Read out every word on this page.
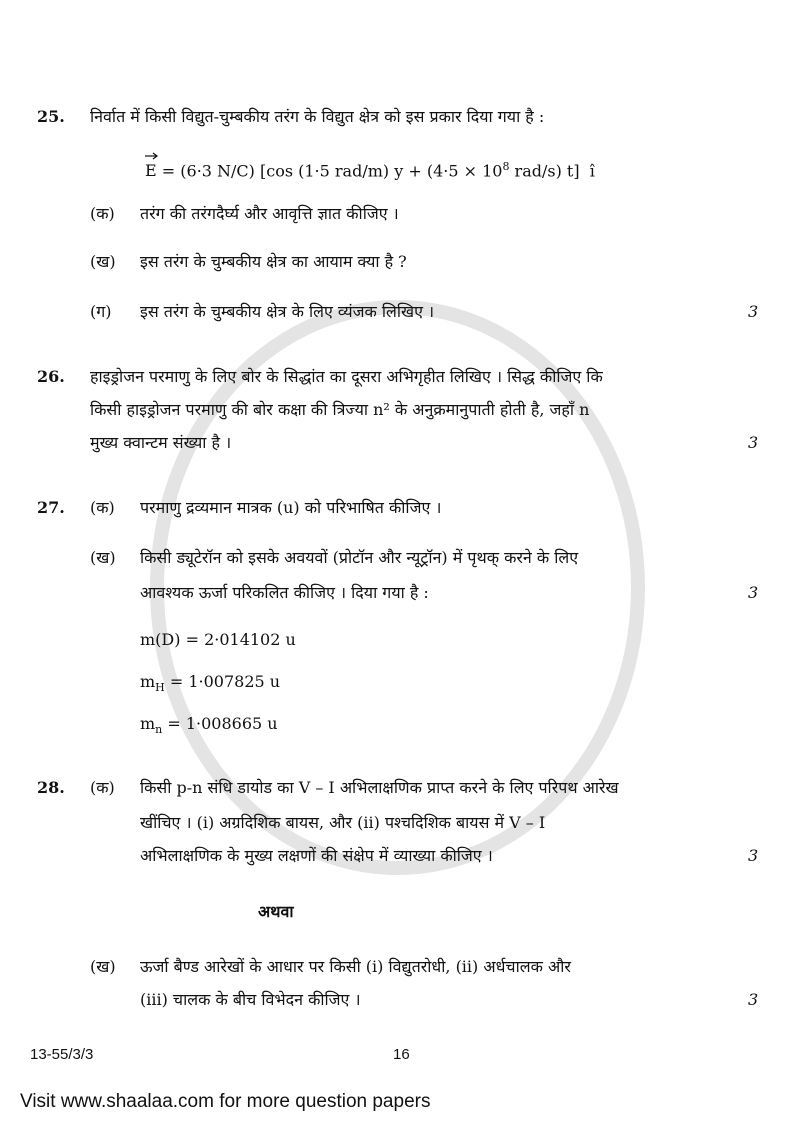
25. निर्वात में किसी विद्युत-चुम्बकीय तरंग के विद्युत क्षेत्र को इस प्रकार दिया गया है :
E = (6·3 N/C) [cos (1·5 rad/m) $y + (4\cdot 5 \times 10^8$ rad/s) t] î
(क) तरंग की तरंगदैर्घ्य और आवृत्ति ज्ञात कीजिए ।
(ख) इस तरंग के चुम्बकीय क्षेत्र का आयाम क्या है ?
(ग) इस तरंग के चुम्बकीय क्षेत्र के लिए व्यंजक लिखिए ।	3
26. हाइड्रोजन परमाणु के लिए बोर के सिद्धांत का दूसरा अभिगृहीत लिखिए । सिद्ध कीजिए कि
किसी हाइड्रोजन परमाणु की बोर कक्षा की त्रिज्या n² के अनुक्रमानुपाती होती है, जहाँ n
मुख्य क्वान्टम संख्या है ।	3
27. (क) परमाणु द्रव्यमान मात्रक (u) को परिभाषित कीजिए ।
(ख) किसी ड्यूटेरॉन को इसके अवयवों (प्रोटॉन और न्यूट्रॉन) में पृथक् करने के लिए
आवश्यक ऊर्जा परिकलित कीजिए । दिया गया है :	3
m(D) = 2·014102 u
$m_H = 1\cdot 007825$ u
$m_n = 1\cdot 008665$ u
28. (क) किसी p-n संधि डायोड का V – I अभिलाक्षणिक प्राप्त करने के लिए परिपथ आरेख
खींचिए । (i) अग्रदिशिक बायस, और (ii) पश्चदिशिक बायस में V – I
अभिलाक्षणिक के मुख्य लक्षणों की संक्षेप में व्याख्या कीजिए ।	3
अथवा
(ख) ऊर्जा बैण्ड आरेखों के आधार पर किसी (i) विद्युतरोधी, (ii) अर्धचालक और
(iii) चालक के बीच विभेदन कीजिए ।	3
13-55/3/3	16
Visit www.shaalaa.com for more question papers
